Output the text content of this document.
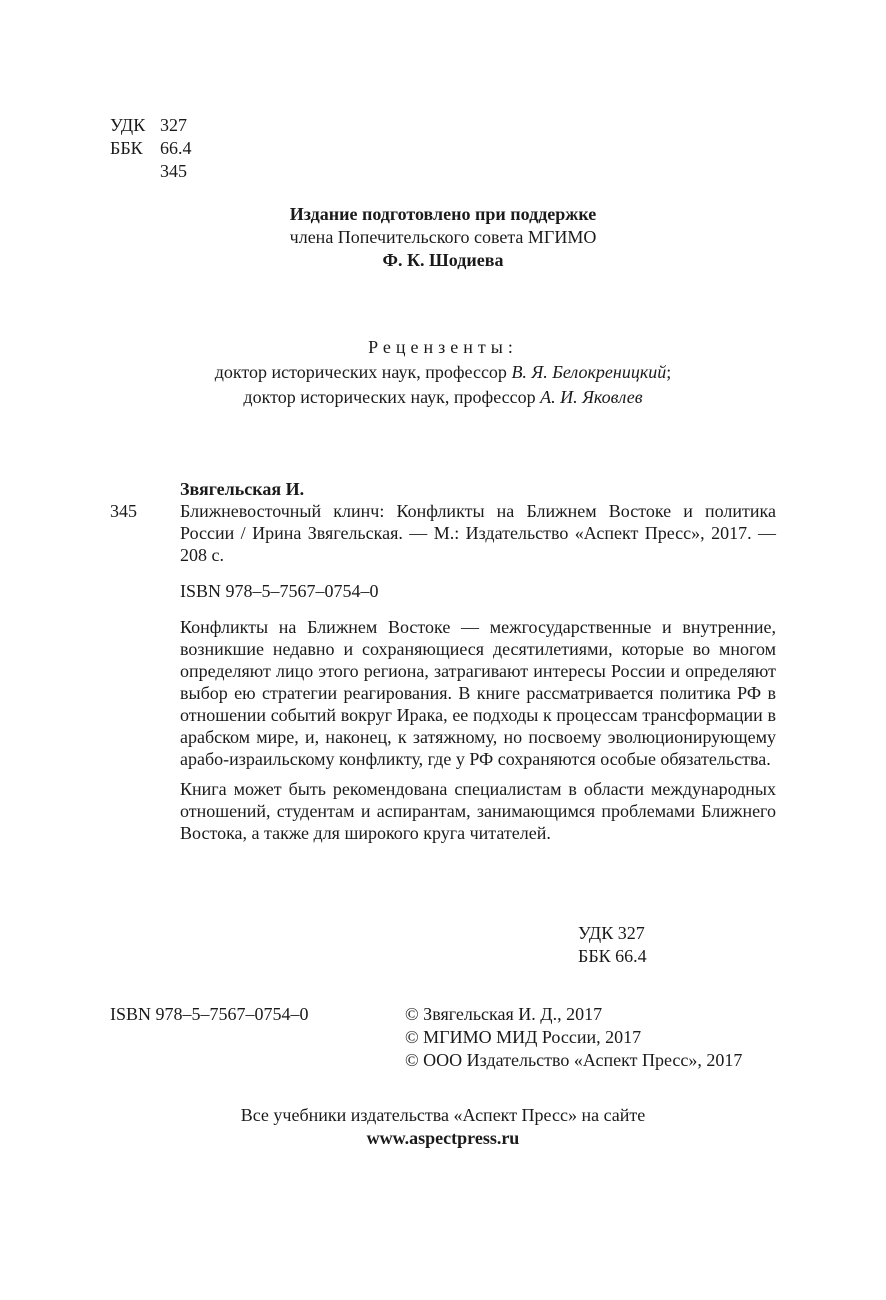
УДК 327
ББК 66.4
345
Издание подготовлено при поддержке
члена Попечительского совета МГИМО
Ф. К. Шодиева
Рецензенты:
доктор исторических наук, профессор В. Я. Белокреницкий;
доктор исторических наук, профессор А. И. Яковлев
345
Звягельская И.

Ближневосточный клинч: Конфликты на Ближнем Востоке и политика России / Ирина Звягельская. — М.: Издательство «Аспект Пресс», 2017. — 208 с.

ISBN 978–5–7567–0754–0

Конфликты на Ближнем Востоке — межгосударственные и внутренние, возникшие недавно и сохраняющиеся десятилетиями, которые во многом определяют лицо этого региона, затрагивают интересы России и определяют выбор ею стратегии реагирования. В книге рассматривается политика РФ в отношении событий вокруг Ирака, ее подходы к процессам трансформации в арабском мире, и, наконец, к затяжному, но посвоему эволюционирующему арабо-израильскому конфликту, где у РФ сохраняются особые обязательства.

Книга может быть рекомендована специалистам в области международных отношений, студентам и аспирантам, занимающимся проблемами Ближнего Востока, а также для широкого круга читателей.

УДК 327
ББК 66.4
ISBN 978–5–7567–0754–0	© Звягельская И. Д., 2017
© МГИМО МИД России, 2017
© ООО Издательство «Аспект Пресс», 2017
Все учебники издательства «Аспект Пресс» на сайте
www.aspectpress.ru
